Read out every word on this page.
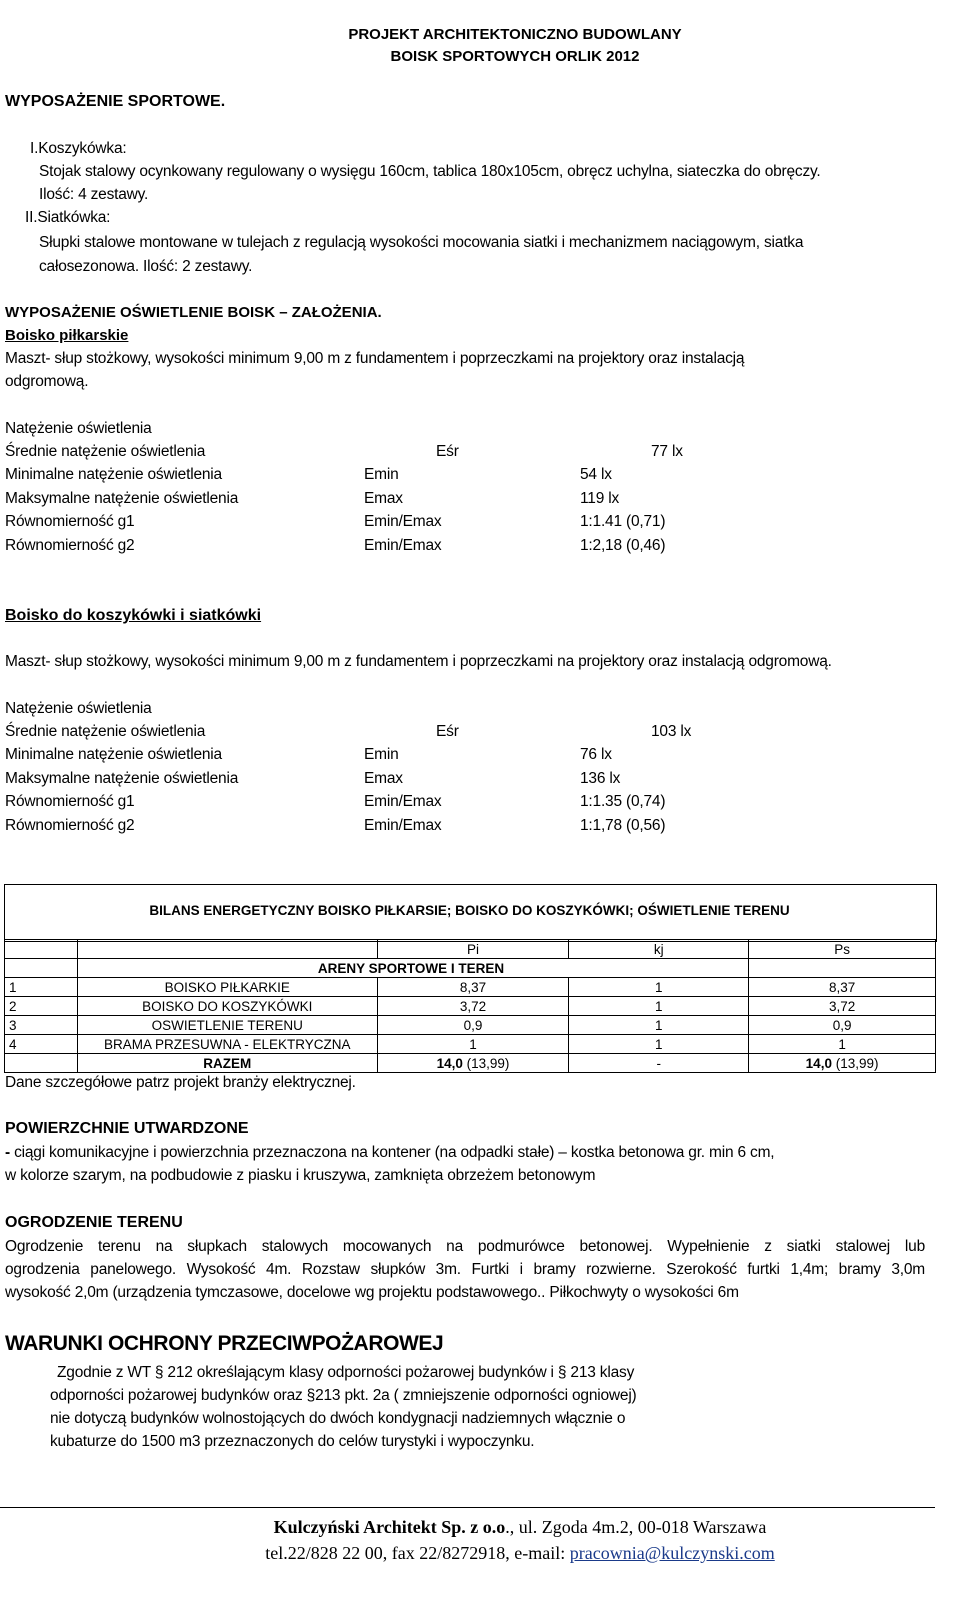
PROJEKT ARCHITEKTONICZNO BUDOWLANY
BOISK SPORTOWYCH ORLIK 2012
WYPOSAŻENIE SPORTOWE.
I.Koszykówka:
Stojak stalowy ocynkowany regulowany o wysięgu 160cm, tablica 180x105cm, obręcz uchylna, siateczka do obręczy.
Ilość: 4 zestawy.
II.Siatkówka:
Słupki stalowe montowane w tulejach z regulacją wysokości mocowania siatki i mechanizmem naciągowym, siatka
całosezonowa. Ilość: 2 zestawy.
WYPOSAŻENIE OŚWIETLENIE BOISK – ZAŁOŻENIA.
Boisko piłkarskie
Maszt- słup stożkowy, wysokości minimum 9,00 m z fundamentem i poprzeczkami na projektory oraz instalacją
odgromową.
Natężenie oświetlenia
Średnie natężenie oświetlenia	Eśr	77 lx
Minimalne natężenie oświetlenia	Emin	54 lx
Maksymalne natężenie oświetlenia	Emax	119 lx
Równomierność g1	Emin/Emax	1:1.41 (0,71)
Równomierność g2	Emin/Emax	1:2,18 (0,46)
Boisko do koszykówki i siatkówki
Maszt- słup stożkowy, wysokości minimum 9,00 m z fundamentem i poprzeczkami na projektory oraz instalacją odgromową.
Natężenie oświetlenia
Średnie natężenie oświetlenia	Eśr	103 lx
Minimalne natężenie oświetlenia	Emin	76 lx
Maksymalne natężenie oświetlenia	Emax	136 lx
Równomierność g1	Emin/Emax	1:1.35 (0,74)
Równomierność g2	Emin/Emax	1:1,78 (0,56)
BILANS ENERGETYCZNY BOISKO PIŁKARSIE; BOISKO DO KOSZYKÓWKI; OŚWIETLENIE TERENU
		Pi	kj	Ps
	ARENY SPORTOWE I TEREN			
1	BOISKO PIŁKARKIE	8,37	1	8,37
2	BOISKO DO KOSZYKÓWKI	3,72	1	3,72
3	OSWIETLENIE TERENU	0,9	1	0,9
4	BRAMA PRZESUWNA - ELEKTRYCZNA	1	1	1
	RAZEM	14,0 (13,99)	-	14,0 (13,99)
Dane szczegółowe patrz projekt branży elektrycznej.
POWIERZCHNIE UTWARDZONE
- ciągi komunikacyjne i powierzchnia przeznaczona na kontener (na odpadki stałe) – kostka betonowa gr. min 6 cm,
w kolorze szarym, na podbudowie z piasku i kruszywa, zamknięta obrzeżem betonowym
OGRODZENIE TERENU
Ogrodzenie terenu na słupkach stalowych mocowanych na podmurówce betonowej. Wypełnienie z siatki stalowej lub
ogrodzenia panelowego. Wysokość 4m. Rozstaw słupków 3m. Furtki i bramy rozwierne. Szerokość furtki 1,4m; bramy 3,0m
wysokość 2,0m (urządzenia tymczasowe, docelowe wg projektu podstawowego.. Piłkochwyty o wysokości 6m
WARUNKI OCHRONY PRZECIWPOŻAROWEJ
Zgodnie z WT § 212 określającym klasy odporności pożarowej budynków i § 213 klasy
odporności pożarowej budynków oraz §213 pkt. 2a ( zmniejszenie odporności ogniowej)
nie dotyczą budynków wolnostojących do dwóch kondygnacji nadziemnych włącznie o
kubaturze do 1500 m3 przeznaczonych do celów turystyki i wypoczynku.
Kulczyński Architekt Sp. z o.o., ul. Zgoda 4m.2, 00-018 Warszawa
tel.22/828 22 00, fax 22/8272918, e-mail: pracownia@kulczynski.com
